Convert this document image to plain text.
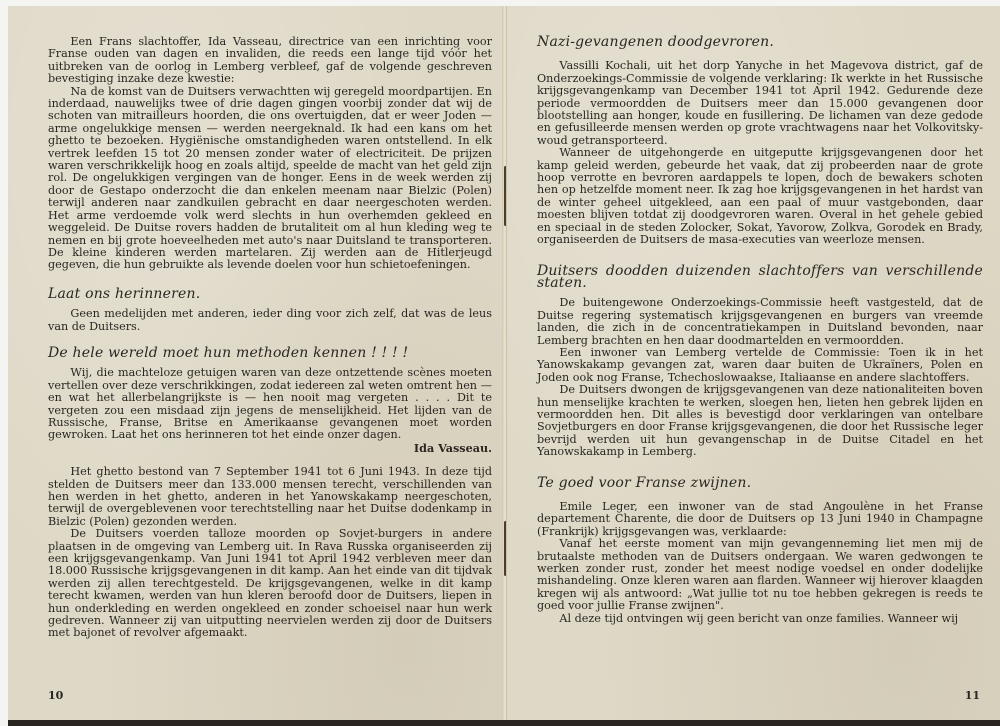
Een Frans slachtoffer, Ida Vasseau, directrice van een inrichting voor Franse ouden van dagen en invaliden, die reeds een lange tijd vóór het uitbreken van de oorlog in Lemberg verbleef, gaf de volgende geschreven bevestiging inzake deze kwestie:

Na de komst van de Duitsers verwachtten wij geregeld moordpartijen. En inderdaad, nauwelijks twee of drie dagen gingen voorbij zonder dat wij de schoten van mitrailleurs hoorden, die ons overtuigden, dat er weer Joden — arme ongelukkige mensen — werden neergeknald. Ik had een kans om het ghetto te bezoeken. Hygiënische omstandigheden waren ontstellend. In elk vertrek leefden 15 tot 20 mensen zonder water of electriciteit. De prijzen waren verschrikkelijk hoog en zoals altijd, speelde de macht van het geld zijn rol. De ongelukkigen vergingen van de honger. Eens in de week werden zij door de Gestapo onderzocht die dan enkelen meenam naar Bielzic (Polen) terwijl anderen naar zandkuilen gebracht en daar neergeschoten werden. Het arme verdoemde volk werd slechts in hun overhemden gekleed en weggeleid. De Duitse rovers hadden de brutaliteit om al hun kleding weg te nemen en bij grote hoeveelheden met auto's naar Duitsland te transporteren. De kleine kinderen werden martelaren. Zij werden aan de Hitlerjeugd gegeven, die hun gebruikte als levende doelen voor hun schietoefeningen.

Laat ons herinneren.

Geen medelijden met anderen, ieder ding voor zich zelf, dat was de leus van de Duitsers.

De hele wereld moet hun methoden kennen ! ! ! !

Wij, die machteloze getuigen waren van deze ontzettende scènes moeten vertellen over deze verschrikkingen, zodat iedereen zal weten omtrent hen — en wat het allerbelangrijkste is — hen nooit mag vergeten . . . . Dit te vergeten zou een misdaad zijn jegens de menselijkheid. Het lijden van de Russische, Franse, Britse en Amerikaanse gevangenen moet worden gewroken. Laat het ons herinneren tot het einde onzer dagen.

Ida Vasseau.

Het ghetto bestond van 7 September 1941 tot 6 Juni 1943. In deze tijd stelden de Duitsers meer dan 133.000 mensen terecht, verschillenden van hen werden in het ghetto, anderen in het Yanowskakamp neergeschoten, terwijl de overgeblevenen voor terechtstelling naar het Duitse dodenkamp in Bielzic (Polen) gezonden werden.

De Duitsers voerden talloze moorden op Sovjet-burgers in andere plaatsen in de omgeving van Lemberg uit. In Rava Russka organiseerden zij een krijgsgevangenkamp. Van Juni 1941 tot April 1942 verbleven meer dan 18.000 Russische krijgsgevangenen in dit kamp. Aan het einde van dit tijdvak werden zij allen terechtgesteld. De krijgsgevangenen, welke in dit kamp terecht kwamen, werden van hun kleren beroofd door de Duitsers, liepen in hun onderkleding en werden ongekleed en zonder schoeisel naar hun werk gedreven. Wanneer zij van uitputting neervielen werden zij door de Duitsers met bajonet of revolver afgemaakt.

10
Nazi-gevangenen doodgevroren.

Vassilli Kochali, uit het dorp Yanyche in het Magevova district, gaf de Onderzoekings-Commissie de volgende verklaring: Ik werkte in het Russische krijgsgevangenkamp van December 1941 tot April 1942. Gedurende deze periode vermoordden de Duitsers meer dan 15.000 gevangenen door blootstelling aan honger, koude en fusillering. De lichamen van deze gedode en gefusilleerde mensen werden op grote vrachtwagens naar het Volkovitsky-woud getransporteerd.

Wanneer de uitgehongerde en uitgeputte krijgsgevangenen door het kamp geleid werden, gebeurde het vaak, dat zij probeerden naar de grote hoop verrotte en bevroren aardappels te lopen, doch de bewakers schoten hen op hetzelfde moment neer. Ik zag hoe krijgsgevangenen in het hardst van de winter geheel uitgekleed, aan een paal of muur vastgebonden, daar moesten blijven totdat zij doodgevroren waren. Overal in het gehele gebied en speciaal in de steden Zolocker, Sokat, Yavorow, Zolkva, Gorodek en Brady, organiseerden de Duitsers de masa-executies van weerloze mensen.

Duitsers doodden duizenden slachtoffers van verschillende staten.

De buitengewone Onderzoekings-Commissie heeft vastgesteld, dat de Duitse regering systematisch krijgsgevangenen en burgers van vreemde landen, die zich in de concentratiekampen in Duitsland bevonden, naar Lemberg brachten en hen daar doodmartelden en vermoordden.

Een inwoner van Lemberg vertelde de Commissie: Toen ik in het Yanowskakamp gevangen zat, waren daar buiten de Ukraïners, Polen en Joden ook nog Franse, Tchechoslowaakse, Italiaanse en andere slachtoffers.

De Duitsers dwongen de krijgsgevangenen van deze nationaliteiten boven hun menselijke krachten te werken, sloegen hen, lieten hen gebrek lijden en vermoordden hen. Dit alles is bevestigd door verklaringen van ontelbare Sovjetburgers en door Franse krijgsgevangenen, die door het Russische leger bevrijd werden uit hun gevangenschap in de Duitse Citadel en het Yanowskakamp in Lemberg.

Te goed voor Franse zwijnen.

Emile Leger, een inwoner van de stad Angoulène in het Franse departement Charente, die door de Duitsers op 13 Juni 1940 in Champagne (Frankrijk) krijgsgevangen was, verklaarde:

Vanaf het eerste moment van mijn gevangenneming liet men mij de brutaalste methoden van de Duitsers ondergaan. We waren gedwongen te werken zonder rust, zonder het meest nodige voedsel en onder dodelijke mishandeling. Onze kleren waren aan flarden. Wanneer wij hierover klaagden kregen wij als antwoord: „Wat jullie tot nu toe hebben gekregen is reeds te goed voor jullie Franse zwijnen".

Al deze tijd ontvingen wij geen bericht van onze families. Wanneer wij

11
